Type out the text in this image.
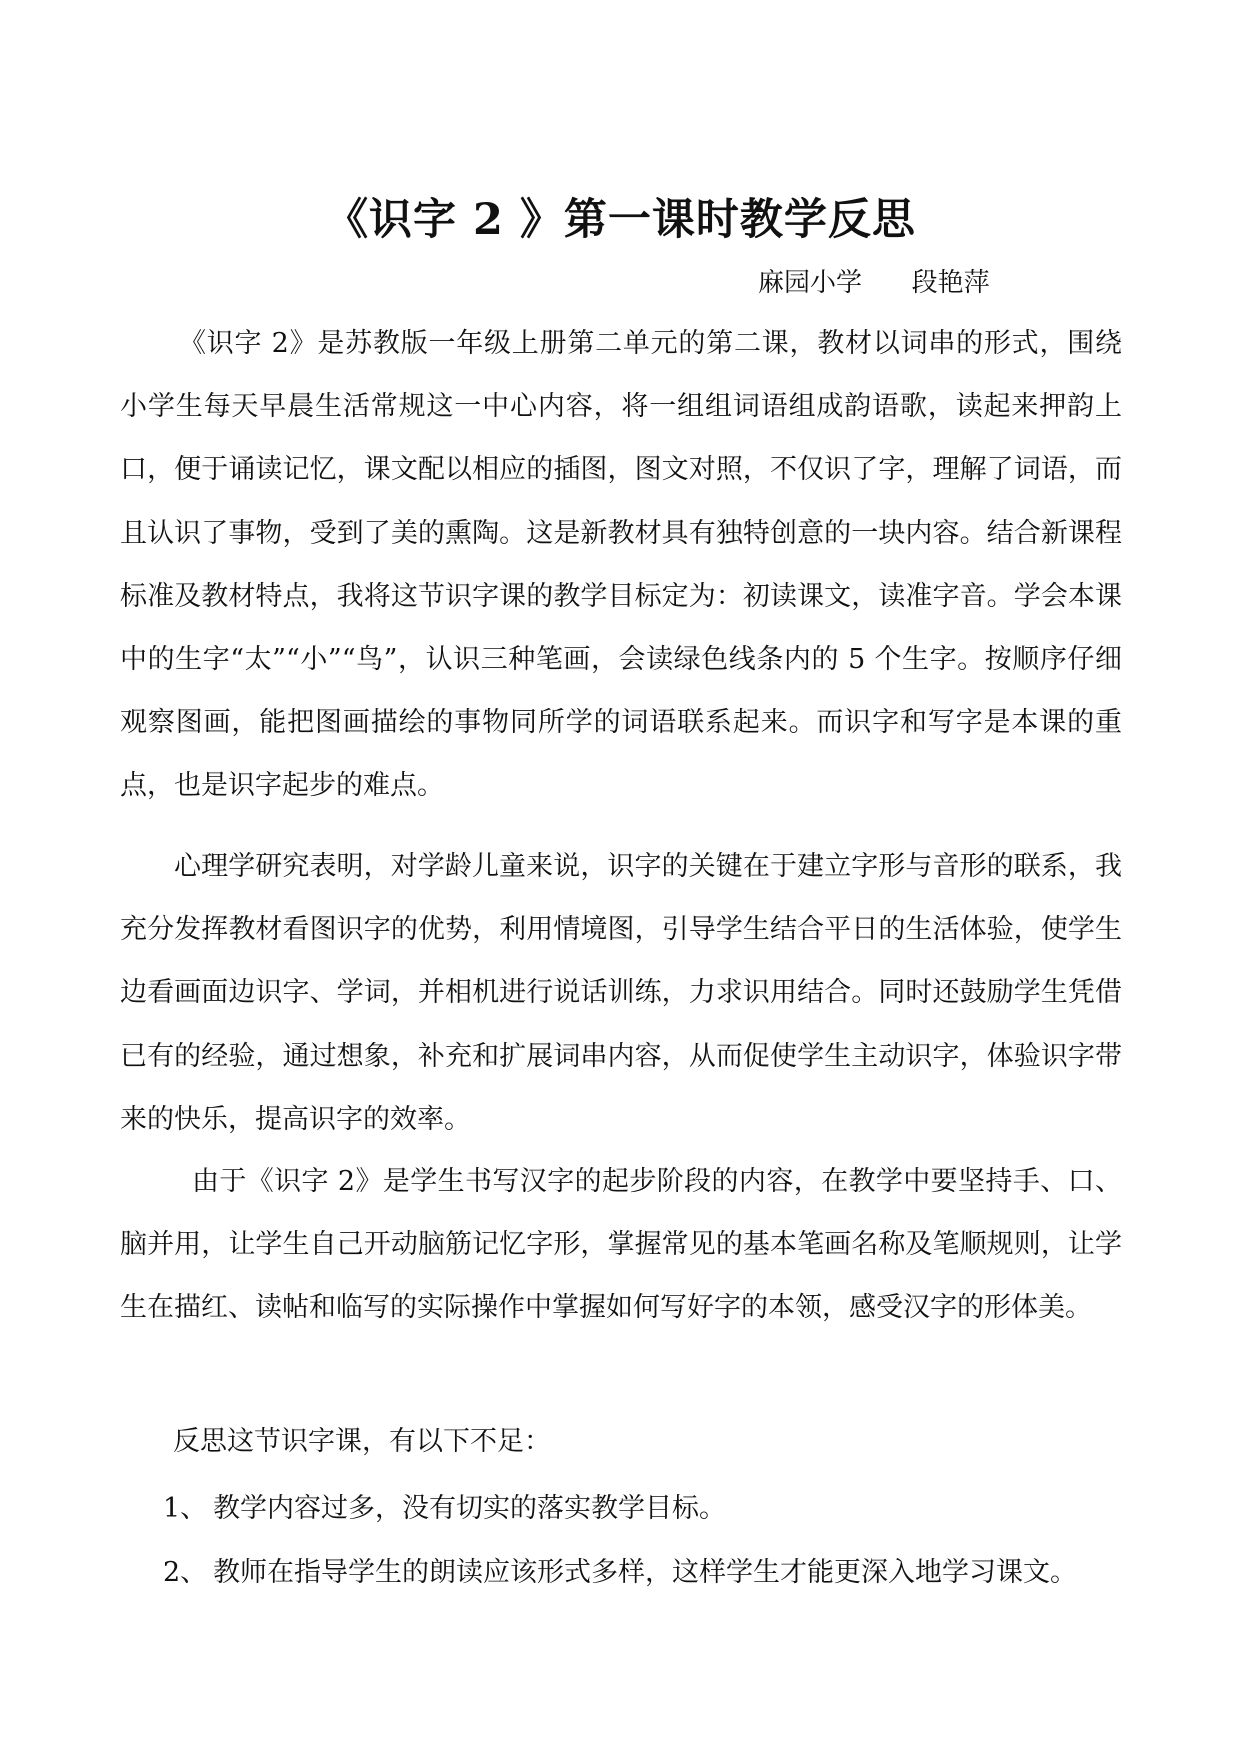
《识字 2 》第一课时教学反思
麻园小学      段艳萍

《识字 2》是苏教版一年级上册第二单元的第二课，教材以词串的形式，围绕小学生每天早晨生活常规这一中心内容，将一组组词语组成韵语歌，读起来押韵上口，便于诵读记忆，课文配以相应的插图，图文对照，不仅识了字，理解了词语，而且认识了事物，受到了美的熏陶。这是新教材具有独特创意的一块内容。结合新课程标准及教材特点，我将这节识字课的教学目标定为：初读课文，读准字音。学会本课中的生字“太”“小”“鸟”，认识三种笔画，会读绿色线条内的 5 个生字。按顺序仔细观察图画，能把图画描绘的事物同所学的词语联系起来。而识字和写字是本课的重点，也是识字起步的难点。

心理学研究表明，对学龄儿童来说，识字的关键在于建立字形与音形的联系，我充分发挥教材看图识字的优势，利用情境图，引导学生结合平日的生活体验，使学生边看画面边识字、学词，并相机进行说话训练，力求识用结合。同时还鼓励学生凭借已有的经验，通过想象，补充和扩展词串内容，从而促使学生主动识字，体验识字带来的快乐，提高识字的效率。

由于《识字 2》是学生书写汉字的起步阶段的内容，在教学中要坚持手、口、脑并用，让学生自己开动脑筋记忆字形，掌握常见的基本笔画名称及笔顺规则，让学生在描红、读帖和临写的实际操作中掌握如何写好字的本领，感受汉字的形体美。

反思这节识字课，有以下不足：

1、 教学内容过多，没有切实的落实教学目标。
2、 教师在指导学生的朗读应该形式多样，这样学生才能更深入地学习课文。
